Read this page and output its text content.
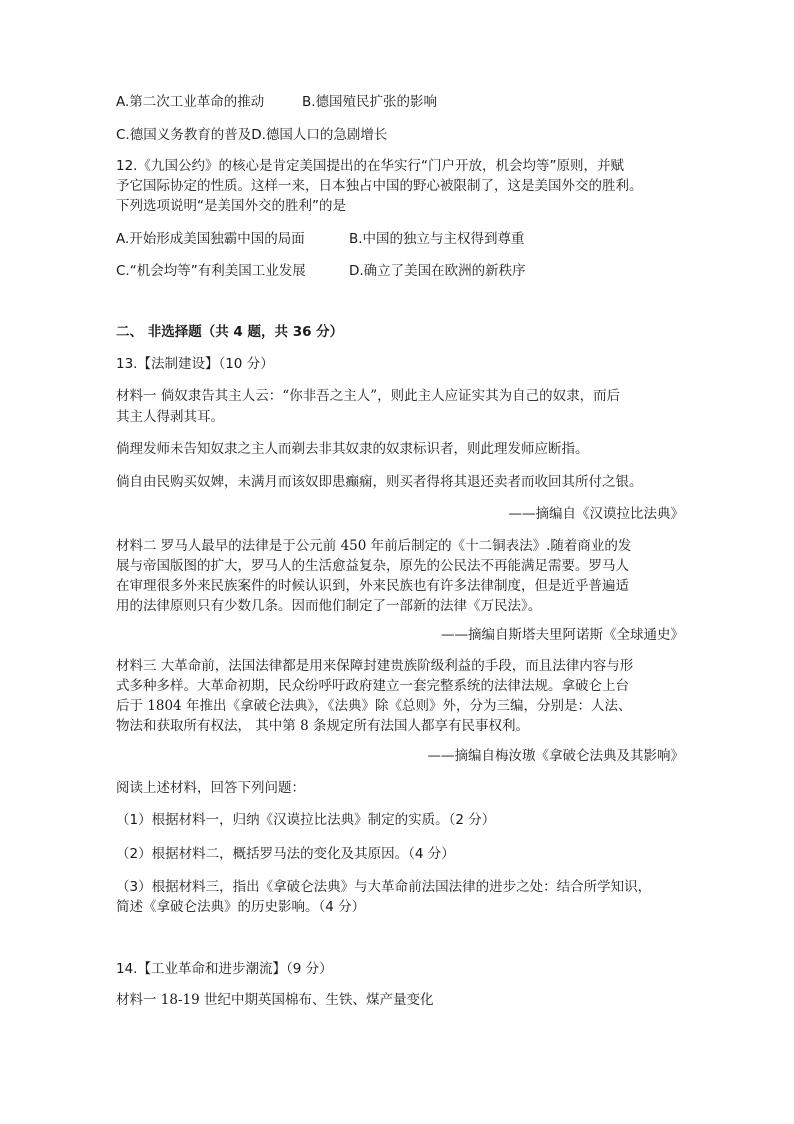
A.第二次工业革命的推动	B.德国殖民扩张的影响
C.德国义务教育的普及D.德国人口的急剧增长
12.《九国公约》的核心是肯定美国提出的在华实行“门户开放，机会均等”原则，并赋
予它国际协定的性质。这样一来，日本独占中国的野心被限制了，这是美国外交的胜利。
下列选项说明“是美国外交的胜利”的是
A.开始形成美国独霸中国的局面	B.中国的独立与主权得到尊重
C.“机会均等”有利美国工业发展	D.确立了美国在欧洲的新秩序
二、 非选择题（共 4 题，共 36 分）
13.【法制建设】（10 分）
材料一 倘奴隶告其主人云：“你非吾之主人”，则此主人应证实其为自己的奴隶，而后
其主人得剥其耳。
倘理发师未告知奴隶之主人而剃去非其奴隶的奴隶标识者，则此理发师应断指。
倘自由民购买奴婢，未满月而该奴即患癫痫，则买者得将其退还卖者而收回其所付之银。
——摘编自《汉谟拉比法典》
材料二 罗马人最早的法律是于公元前 450 年前后制定的《十二铜表法》.随着商业的发
展与帝国版图的扩大，罗马人的生活愈益复杂，原先的公民法不再能满足需要。罗马人
在审理很多外来民族案件的时候认识到，外来民族也有许多法律制度，但是近乎普遍适
用的法律原则只有少数几条。因而他们制定了一部新的法律《万民法》。
——摘编自斯塔夫里阿诺斯《全球通史》
材料三 大革命前，法国法律都是用来保障封建贵族阶级利益的手段，而且法律内容与形
式多种多样。大革命初期，民众纷呼吁政府建立一套完整系统的法律法规。拿破仑上台
后于 1804 年推出《拿破仑法典》，《法典》除《总则》外，分为三编，分别是：人法、
物法和获取所有权法， 其中第 8 条规定所有法国人都享有民事权利。
——摘编自梅汝璈《拿破仑法典及其影响》
阅读上述材料，回答下列问题：
（1）根据材料一，归纳《汉谟拉比法典》制定的实质。（2 分）
（2）根据材料二，概括罗马法的变化及其原因。（4 分）
（3）根据材料三，指出《拿破仑法典》与大革命前法国法律的进步之处：结合所学知识，
简述《拿破仑法典》的历史影响。（4 分）
14.【工业革命和进步潮流】（9 分）
材料一 18-19 世纪中期英国棉布、生铁、煤产量变化
